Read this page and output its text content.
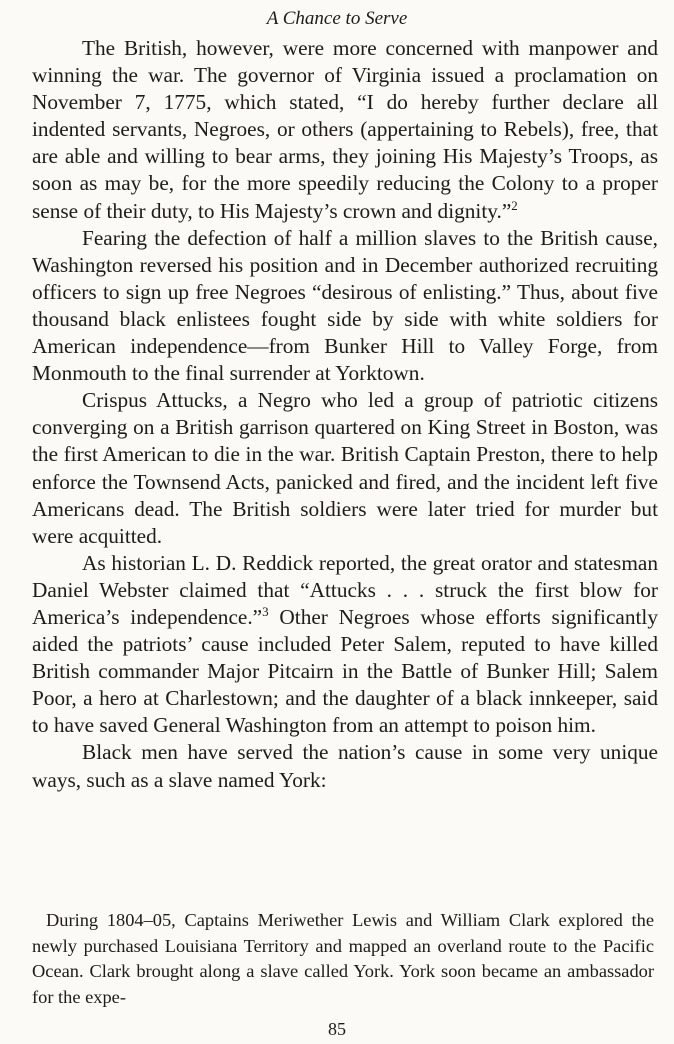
A Chance to Serve

The British, however, were more concerned with manpower and winning the war. The governor of Virginia issued a proclamation on November 7, 1775, which stated, “I do hereby further declare all indented servants, Negroes, or others (appertaining to Rebels), free, that are able and willing to bear arms, they joining His Majesty’s Troops, as soon as may be, for the more speedily reducing the Colony to a proper sense of their duty, to His Majesty’s crown and dignity.”$^2$

Fearing the defection of half a million slaves to the British cause, Washington reversed his position and in December authorized recruiting officers to sign up free Negroes “desirous of enlisting.” Thus, about five thousand black enlistees fought side by side with white soldiers for American independence—from Bunker Hill to Valley Forge, from Monmouth to the final surrender at Yorktown.

Crispus Attucks, a Negro who led a group of patriotic citizens converging on a British garrison quartered on King Street in Boston, was the first American to die in the war. British Captain Preston, there to help enforce the Townsend Acts, panicked and fired, and the incident left five Americans dead. The British soldiers were later tried for murder but were acquitted.

As historian L. D. Reddick reported, the great orator and statesman Daniel Webster claimed that “Attucks . . . struck the first blow for America’s independence.”$^3$ Other Negroes whose efforts significantly aided the patriots’ cause included Peter Salem, reputed to have killed British commander Major Pitcairn in the Battle of Bunker Hill; Salem Poor, a hero at Charlestown; and the daughter of a black innkeeper, said to have saved General Washington from an attempt to poison him.

Black men have served the nation’s cause in some very unique ways, such as a slave named York:

During 1804–05, Captains Meriwether Lewis and William Clark explored the newly purchased Louisiana Territory and mapped an overland route to the Pacific Ocean. Clark brought along a slave called York. York soon became an ambassador for the expe-

85
